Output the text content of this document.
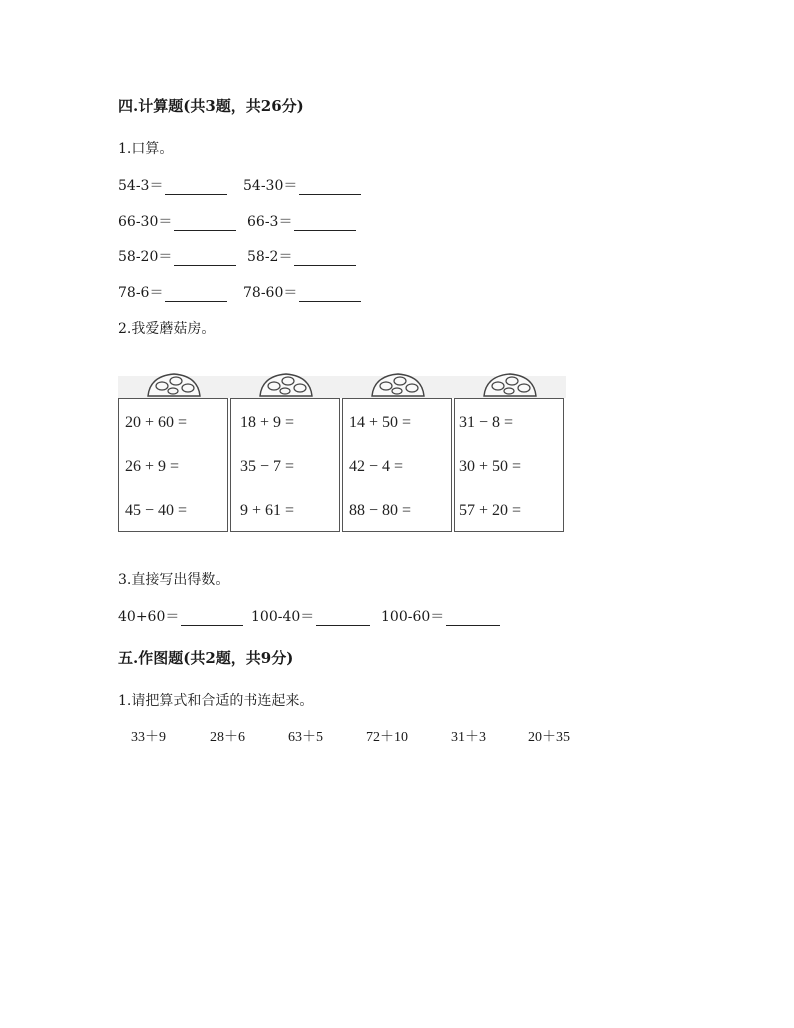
四.计算题(共3题，共26分)
1.口算。
54-3＝	54-30＝
66-30＝	66-3＝
58-20＝	58-2＝
78-6＝	78-60＝
2.我爱蘑菇房。
20 + 60 =
26 + 9 =
45 − 40 =
18 + 9 =
35 − 7 =
9 + 61 =
14 + 50 =
42 − 4 =
88 − 80 =
31 − 8 =
30 + 50 =
57 + 20 =
3.直接写出得数。
40+60＝	100-40＝	100-60＝
五.作图题(共2题，共9分)
1.请把算式和合适的书连起来。
33＋9	28＋6	63＋5	72＋10	31＋3	20＋35
